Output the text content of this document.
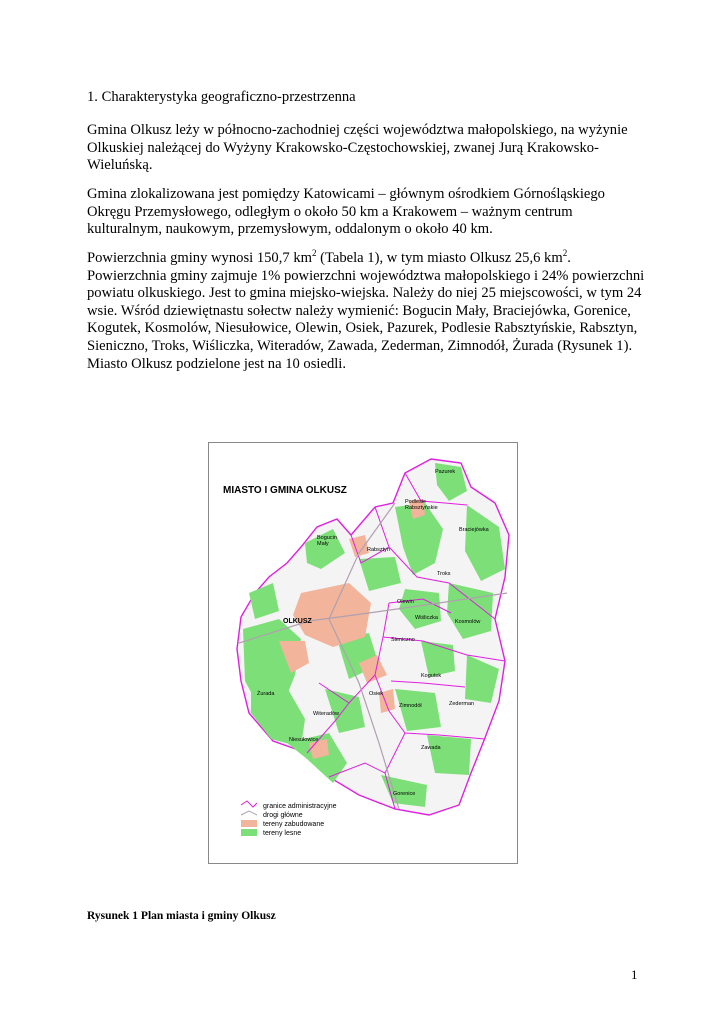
1. Charakterystyka geograficzno-przestrzenna

Gmina Olkusz leży w północno-zachodniej części województwa małopolskiego, na wyżynie Olkuskiej należącej do Wyżyny Krakowsko-Częstochowskiej, zwanej Jurą Krakowsko-Wieluńską.

Gmina zlokalizowana jest pomiędzy Katowicami – głównym ośrodkiem Górnośląskiego Okręgu Przemysłowego, odległym o około 50 km a Krakowem – ważnym centrum kulturalnym, naukowym, przemysłowym, oddalonym o około 40 km.

Powierzchnia gminy wynosi 150,7 $km^2$ (Tabela 1), w tym miasto Olkusz 25,6 $km^2$. Powierzchnia gminy zajmuje 1% powierzchni województwa małopolskiego i 24% powierzchni powiatu olkuskiego. Jest to gmina miejsko-wiejska. Należy do niej 25 miejscowości, w tym 24 wsie. Wśród dziewiętnastu sołectw należy wymienić: Bogucin Mały, Braciejówka, Gorenice, Kogutek, Kosmolów, Niesułowice, Olewin, Osiek, Pazurek, Podlesie Rabsztyńskie, Rabsztyn, Sieniczno, Troks, Wiśliczka, Witeradów, Zawada, Zederman, Zimnodół, Żurada (Rysunek 1). Miasto Olkusz podzielone jest na 10 osiedli.

MIASTO I GMINA OLKUSZ
Pazurek
Podlesie Rabsztyńskie
Braciejówka
Bogucin Mały
Rabsztyn
Troks
Olewin
Wiśliczka
OLKUSZ	Kosmolów
Sieniczno
Kogutek
Żurada	Osiek
Zimnodół	Zederman
Witeradów
Niesułowice
Zawada
Gorenice
granice administracyjne
drogi główne
tereny zabudowane
tereny lesne
Rysunek 1 Plan miasta i gminy Olkusz
1
